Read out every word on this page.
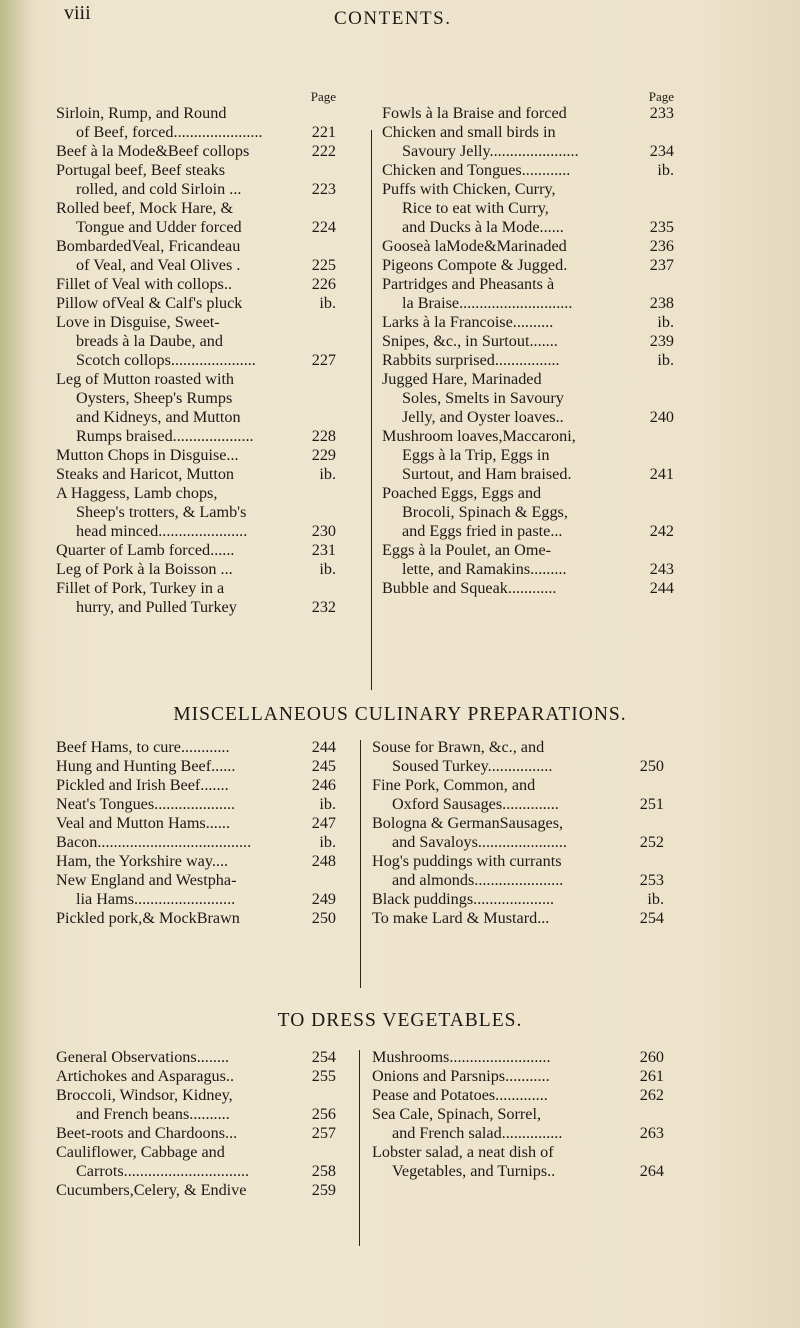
viii	CONTENTS.
Page
Sirloin, Rump, and Round
of Beef, forced......................	221
Beef à la Mode&Beef collops	222
Portugal beef, Beef steaks
rolled, and cold Sirloin ...	223
Rolled beef, Mock Hare, &
Tongue and Udder forced	224
BombardedVeal, Fricandeau
of Veal, and Veal Olives .	225
Fillet of Veal with collops..	226
Pillow ofVeal & Calf's pluck	ib.
Love in Disguise, Sweet-
breads à la Daube, and
Scotch collops.....................	227
Leg of Mutton roasted with
Oysters, Sheep's Rumps
and Kidneys, and Mutton
Rumps braised....................	228
Mutton Chops in Disguise...	229
Steaks and Haricot, Mutton	ib.
A Haggess, Lamb chops,
Sheep's trotters, & Lamb's
head minced......................	230
Quarter of Lamb forced......	231
Leg of Pork à la Boisson ...	ib.
Fillet of Pork, Turkey in a
hurry, and Pulled Turkey	232
Page
Fowls à la Braise and forced	233
Chicken and small birds in
Savoury Jelly......................	234
Chicken and Tongues............	ib.
Puffs with Chicken, Curry,
Rice to eat with Curry,
and Ducks à la Mode......	235
Gooseà laMode&Marinaded	236
Pigeons Compote & Jugged.	237
Partridges and Pheasants à
la Braise............................	238
Larks à la Francoise..........	ib.
Snipes, &c., in Surtout.......	239
Rabbits surprised................	ib.
Jugged Hare, Marinaded
Soles, Smelts in Savoury
Jelly, and Oyster loaves..	240
Mushroom loaves,Maccaroni,
Eggs à la Trip, Eggs in
Surtout, and Ham braised.	241
Poached Eggs, Eggs and
Brocoli, Spinach & Eggs,
and Eggs fried in paste...	242
Eggs à la Poulet, an Ome-
lette, and Ramakins.........	243
Bubble and Squeak............	244
MISCELLANEOUS CULINARY PREPARATIONS.
Beef Hams, to cure............	244
Hung and Hunting Beef......	245
Pickled and Irish Beef.......	246
Neat's Tongues....................	ib.
Veal and Mutton Hams......	247
Bacon......................................	ib.
Ham, the Yorkshire way....	248
New England and Westpha-
lia Hams.........................	249
Pickled pork,& MockBrawn	250
Souse for Brawn, &c., and
Soused Turkey................	250
Fine Pork, Common, and
Oxford Sausages..............	251
Bologna & GermanSausages,
and Savaloys......................	252
Hog's puddings with currants
and almonds......................	253
Black puddings....................	ib.
To make Lard & Mustard...	254
TO DRESS VEGETABLES.
General Observations........	254
Artichokes and Asparagus..	255
Broccoli, Windsor, Kidney,
and French beans..........	256
Beet-roots and Chardoons...	257
Cauliflower, Cabbage and
Carrots...............................	258
Cucumbers,Celery, & Endive	259
Mushrooms.........................	260
Onions and Parsnips...........	261
Pease and Potatoes.............	262
Sea Cale, Spinach, Sorrel,
and French salad...............	263
Lobster salad, a neat dish of
Vegetables, and Turnips..	264
